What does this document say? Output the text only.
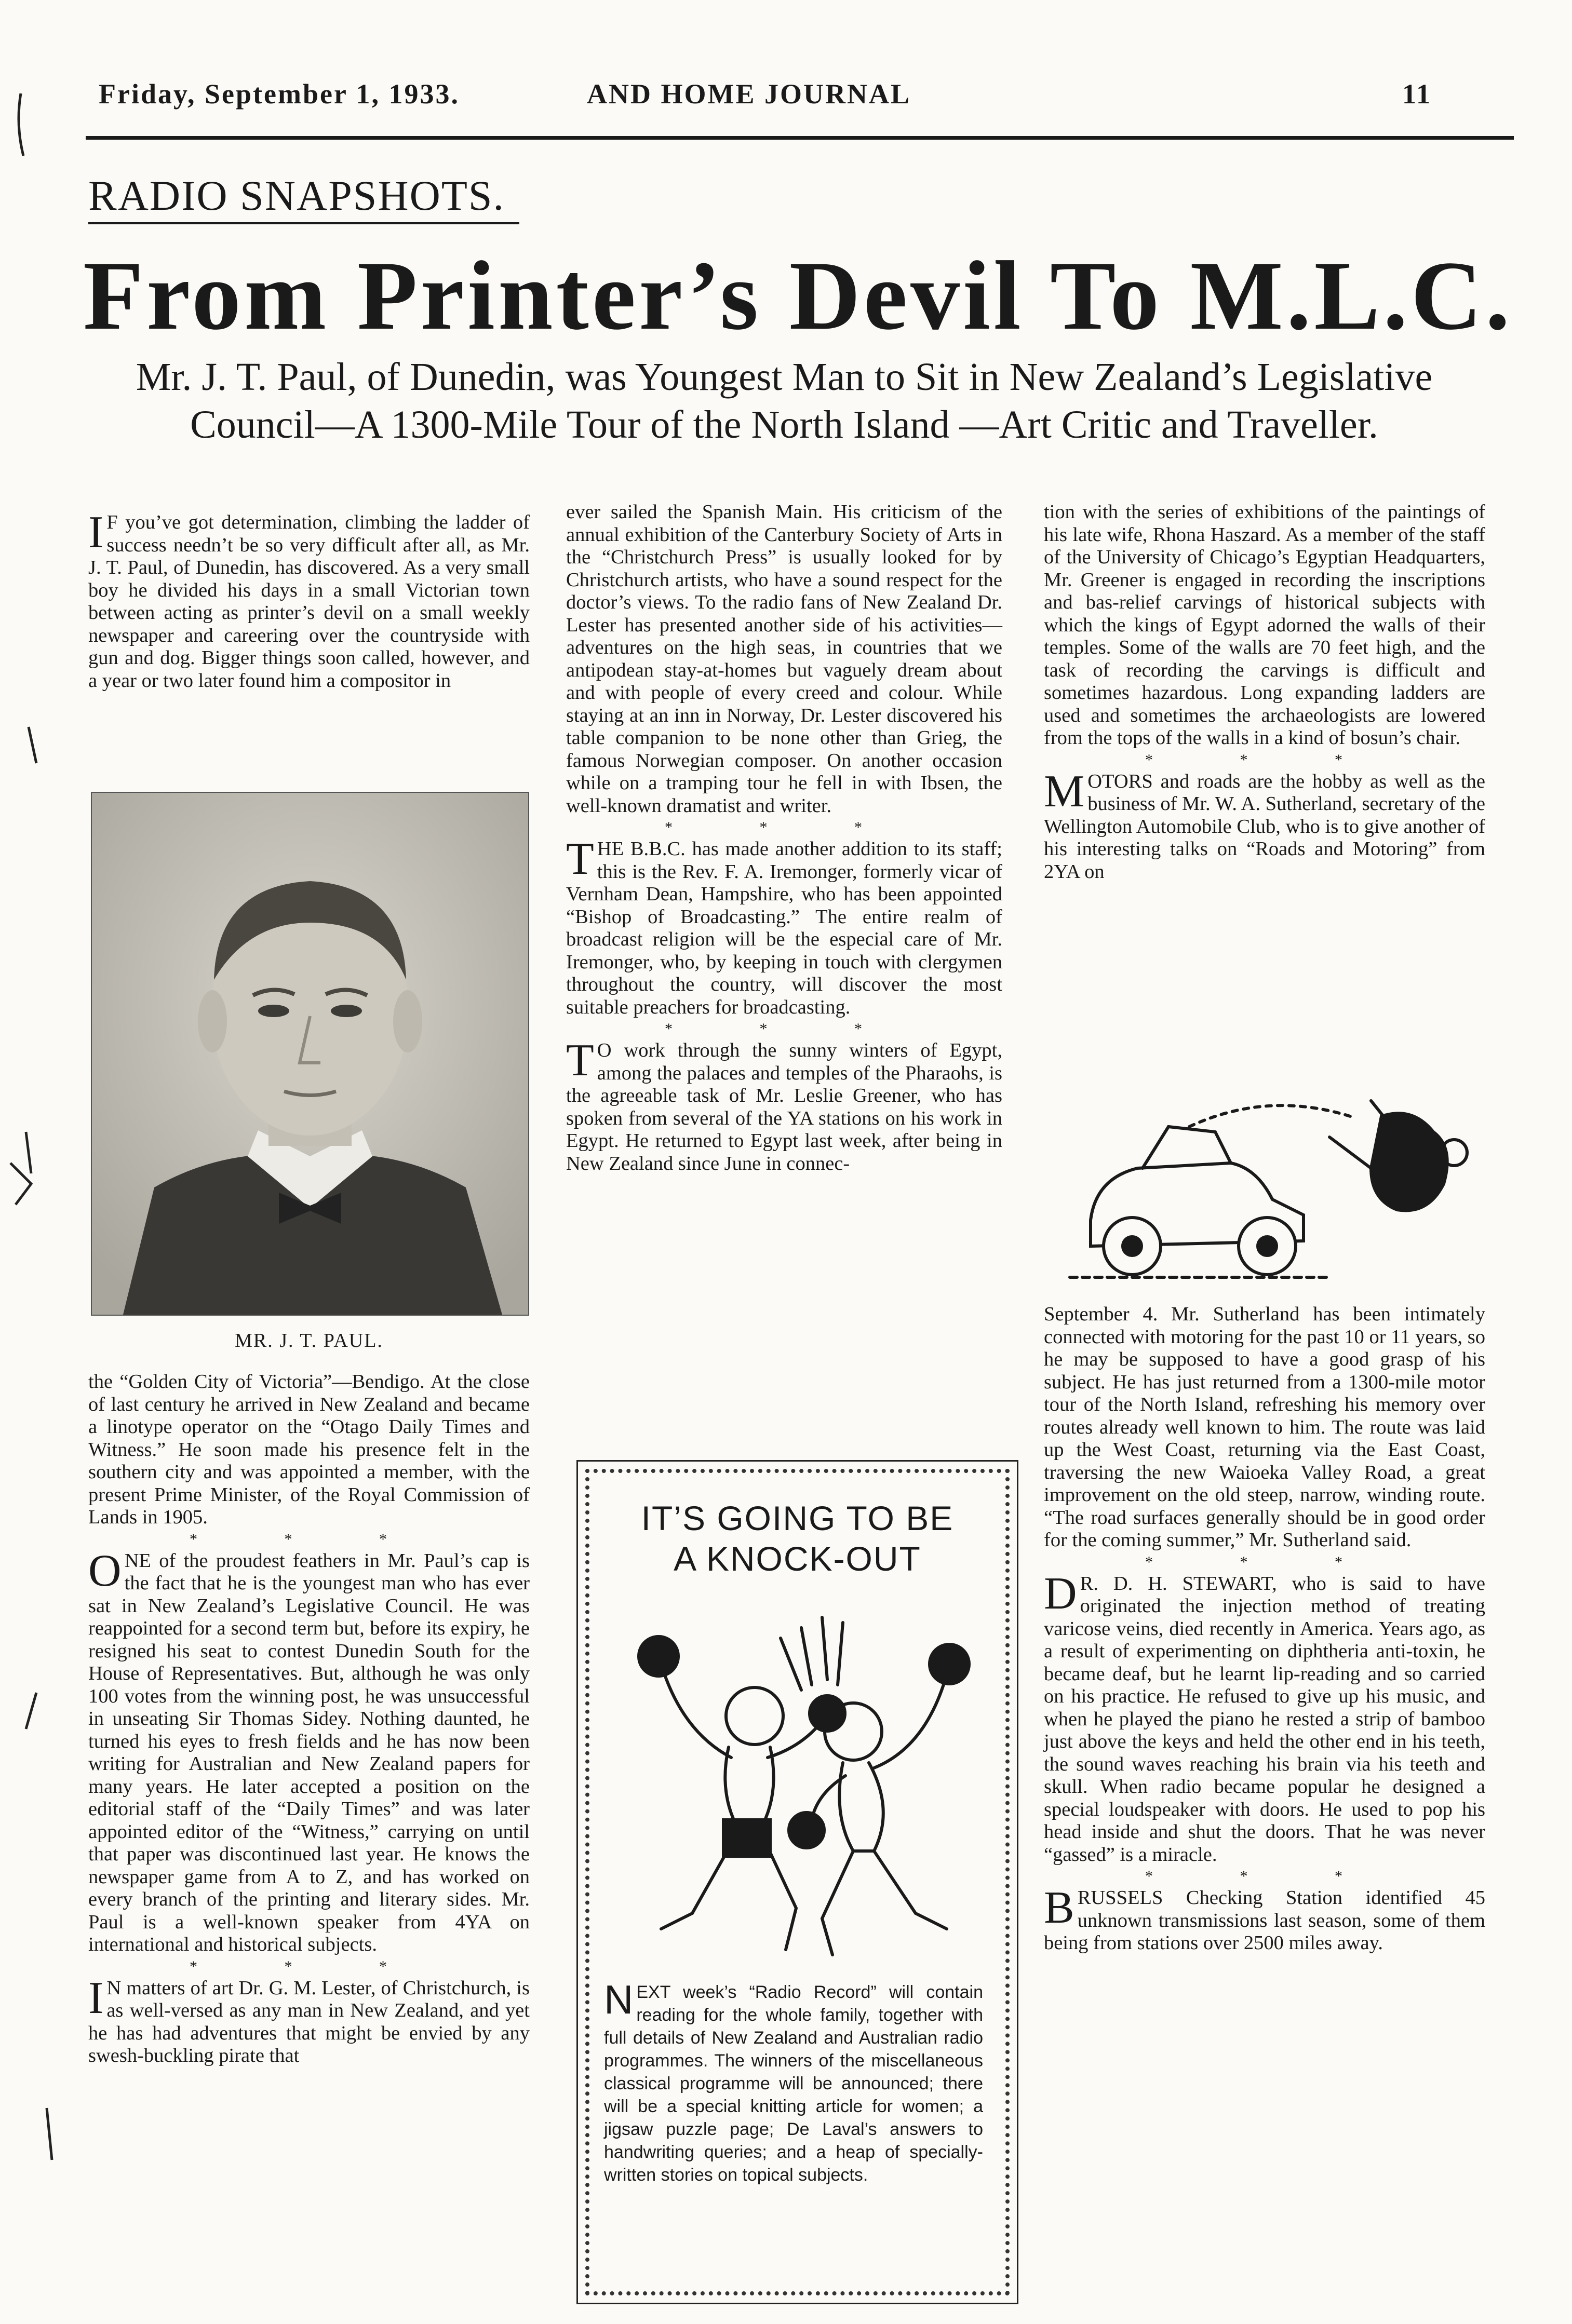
Friday, September 1, 1933.	AND HOME JOURNAL	11
RADIO SNAPSHOTS.
From Printer’s Devil To M.L.C.
Mr. J. T. Paul, of Dunedin, was Youngest Man to Sit in New Zealand’s Legislative Council—A 1300-Mile Tour of the North Island —Art Critic and Traveller.

I F you’ve got determination, climbing the ladder of success needn’t be so very difficult after all, as Mr. J. T. Paul, of Dunedin, has discovered. As a very small boy he divided his days in a small Victorian town between acting as printer’s devil on a small weekly newspaper and careering over the countryside with gun and dog. Bigger things soon called, however, and a year or two later found him a compositor in

MR. J. T. PAUL.

the “Golden City of Victoria”—Bendigo. At the close of last century he arrived in New Zealand and became a linotype operator on the “Otago Daily Times and Witness.” He soon made his presence felt in the southern city and was appointed a member, with the present Prime Minister, of the Royal Commission of Lands in 1905.

* * *

ONE of the proudest feathers in Mr. Paul’s cap is the fact that he is the youngest man who has ever sat in New Zealand’s Legislative Council. He was reappointed for a second term but, before its expiry, he resigned his seat to contest Dunedin South for the House of Representatives. But, although he was only 100 votes from the winning post, he was unsuccessful in unseating Sir Thomas Sidey. Nothing daunted, he turned his eyes to fresh fields and he has now been writing for Australian and New Zealand papers for many years. He later accepted a position on the editorial staff of the “Daily Times” and was later appointed editor of the “Witness,” carrying on until that paper was discontinued last year. He knows the newspaper game from A to Z, and has worked on every branch of the printing and literary sides. Mr. Paul is a well-known speaker from 4YA on international and historical subjects.

* * *

I N matters of art Dr. G. M. Lester, of Christchurch, is as well-versed as any man in New Zealand, and yet he has had adventures that might be envied by any swesh-buckling pirate that

ever sailed the Spanish Main. His criticism of the annual exhibition of the Canterbury Society of Arts in the “Christchurch Press” is usually looked for by Christchurch artists, who have a sound respect for the doctor’s views. To the radio fans of New Zealand Dr. Lester has presented another side of his activities—adventures on the high seas, in countries that we antipodean stay-at-homes but vaguely dream about and with people of every creed and colour. While staying at an inn in Norway, Dr. Lester discovered his table companion to be none other than Grieg, the famous Norwegian composer. On another occasion while on a tramping tour he fell in with Ibsen, the well-known dramatist and writer.

* * *

THE B.B.C. has made another addition to its staff; this is the Rev. F. A. Iremonger, formerly vicar of Vernham Dean, Hampshire, who has been appointed “Bishop of Broadcasting.” The entire realm of broadcast religion will be the especial care of Mr. Iremonger, who, by keeping in touch with clergymen throughout the country, will discover the most suitable preachers for broadcasting.

* * *

T O work through the sunny winters of Egypt, among the palaces and temples of the Pharaohs, is the agreeable task of Mr. Leslie Greener, who has spoken from several of the YA stations on his work in Egypt. He returned to Egypt last week, after being in New Zealand since June in connec-

IT’S GOING TO BE
A KNOCK-OUT
NEXT week’s “Radio Record” will contain reading for the whole family, together with full details of New Zealand and Australian radio programmes. The winners of the miscellaneous classical programme will be announced; there will be a special knitting article for women; a jigsaw puzzle page; De Laval’s answers to handwriting queries; and a heap of specially-written stories on topical subjects.

tion with the series of exhibitions of the paintings of his late wife, Rhona Haszard. As a member of the staff of the University of Chicago’s Egyptian Headquarters, Mr. Greener is engaged in recording the inscriptions and bas-relief carvings of historical subjects with which the kings of Egypt adorned the walls of their temples. Some of the walls are 70 feet high, and the task of recording the carvings is difficult and sometimes hazardous. Long expanding ladders are used and sometimes the archaeologists are lowered from the tops of the walls in a kind of bosun’s chair.

* * *

MOTORS and roads are the hobby as well as the business of Mr. W. A. Sutherland, secretary of the Wellington Automobile Club, who is to give another of his interesting talks on “Roads and Motoring” from 2YA on

September 4. Mr. Sutherland has been intimately connected with motoring for the past 10 or 11 years, so he may be supposed to have a good grasp of his subject. He has just returned from a 1300-mile motor tour of the North Island, refreshing his memory over routes already well known to him. The route was laid up the West Coast, returning via the East Coast, traversing the new Waioeka Valley Road, a great improvement on the old steep, narrow, winding route. “The road surfaces generally should be in good order for the coming summer,” Mr. Sutherland said.

* * *

D R. D. H. STEWART, who is said to have originated the injection method of treating varicose veins, died recently in America. Years ago, as a result of experimenting on diphtheria anti-toxin, he became deaf, but he learnt lip-reading and so carried on his practice. He refused to give up his music, and when he played the piano he rested a strip of bamboo just above the keys and held the other end in his teeth, the sound waves reaching his brain via his teeth and skull. When radio became popular he designed a special loudspeaker with doors. He used to pop his head inside and shut the doors. That he was never “gassed” is a miracle.

* * *

BRUSSELS Checking Station identified 45 unknown transmissions last season, some of them being from stations over 2500 miles away.
